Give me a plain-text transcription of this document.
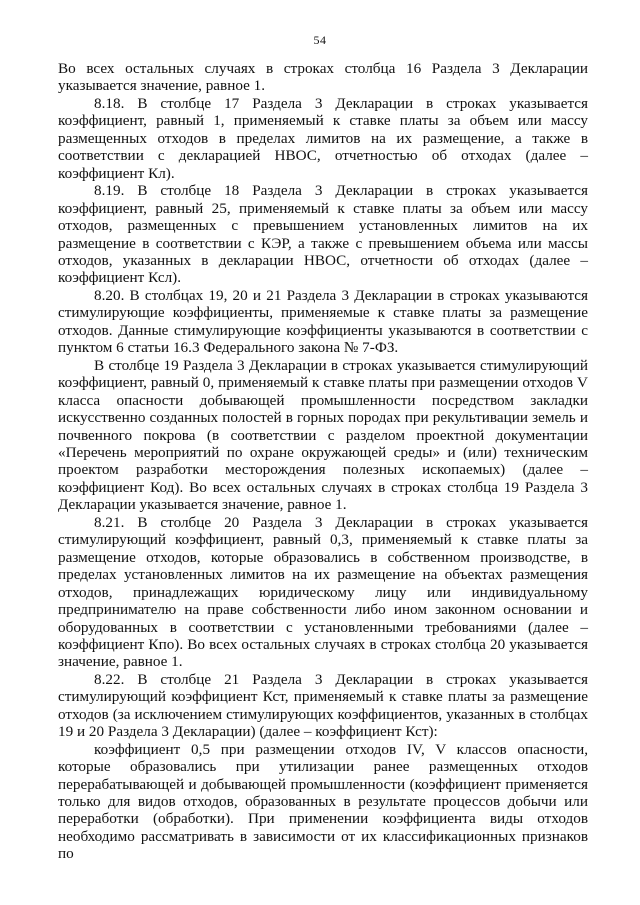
54

Во всех остальных случаях в строках столбца 16 Раздела 3 Декларации указывается значение, равное 1.

8.18. В столбце 17 Раздела 3 Декларации в строках указывается коэффициент, равный 1, применяемый к ставке платы за объем или массу размещенных отходов в пределах лимитов на их размещение, а также в соответствии с декларацией НВОС, отчетностью об отходах (далее – коэффициент Кл).

8.19. В столбце 18 Раздела 3 Декларации в строках указывается коэффициент, равный 25, применяемый к ставке платы за объем или массу отходов, размещенных с превышением установленных лимитов на их размещение в соответствии с КЭР, а также с превышением объема или массы отходов, указанных в декларации НВОС, отчетности об отходах (далее – коэффициент Ксл).

8.20. В столбцах 19, 20 и 21 Раздела 3 Декларации в строках указываются стимулирующие коэффициенты, применяемые к ставке платы за размещение отходов. Данные стимулирующие коэффициенты указываются в соответствии с пунктом 6 статьи 16.3 Федерального закона № 7-ФЗ.

В столбце 19 Раздела 3 Декларации в строках указывается стимулирующий коэффициент, равный 0, применяемый к ставке платы при размещении отходов V класса опасности добывающей промышленности посредством закладки искусственно созданных полостей в горных породах при рекультивации земель и почвенного покрова (в соответствии с разделом проектной документации «Перечень мероприятий по охране окружающей среды» и (или) техническим проектом разработки месторождения полезных ископаемых) (далее – коэффициент Код). Во всех остальных случаях в строках столбца 19 Раздела 3 Декларации указывается значение, равное 1.

8.21. В столбце 20 Раздела 3 Декларации в строках указывается стимулирующий коэффициент, равный 0,3, применяемый к ставке платы за размещение отходов, которые образовались в собственном производстве, в пределах установленных лимитов на их размещение на объектах размещения отходов, принадлежащих юридическому лицу или индивидуальному предпринимателю на праве собственности либо ином законном основании и оборудованных в соответствии с установленными требованиями (далее – коэффициент Кпо). Во всех остальных случаях в строках столбца 20 указывается значение, равное 1.

8.22. В столбце 21 Раздела 3 Декларации в строках указывается стимулирующий коэффициент Кст, применяемый к ставке платы за размещение отходов (за исключением стимулирующих коэффициентов, указанных в столбцах 19 и 20 Раздела 3 Декларации) (далее – коэффициент Кст):

коэффициент 0,5 при размещении отходов IV, V классов опасности, которые образовались при утилизации ранее размещенных отходов перерабатывающей и добывающей промышленности (коэффициент применяется только для видов отходов, образованных в результате процессов добычи или переработки (обработки). При применении коэффициента виды отходов необходимо рассматривать в зависимости от их классификационных признаков по
